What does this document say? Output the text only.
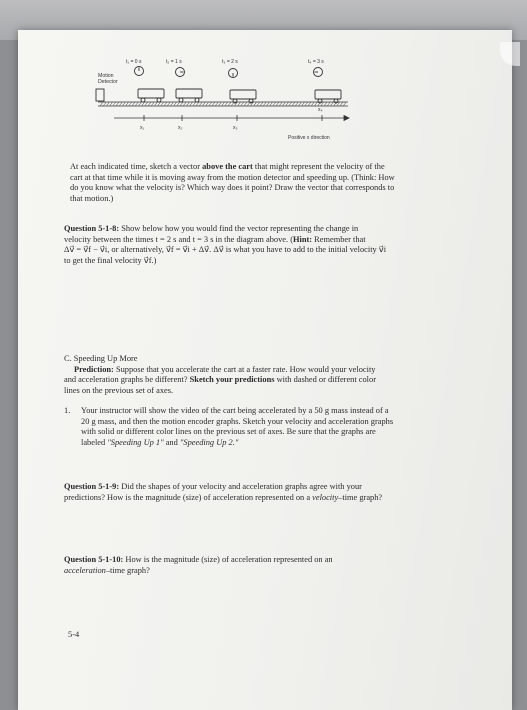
Motion
Detector
t₁ = 0 s	t₂ = 1 s	t₃ = 2 s	t₄ = 3 s
x₁	x₂	x₃
x₄
Positive x direction
At each indicated time, sketch a vector above the cart that might represent the velocity of the
cart at that time while it is moving away from the motion detector and speeding up. (Think: How
do you know what the velocity is? Which way does it point? Draw the vector that corresponds to
that motion.)
Question 5-1-8: Show below how you would find the vector representing the change in
velocity between the times t = 2 s and t = 3 s in the diagram above. (Hint: Remember that
Δv⃗ = v⃗f − v⃗i, or alternatively, v⃗f = v⃗i + Δv⃗. Δv⃗ is what you have to add to the initial velocity v⃗i
to get the final velocity v⃗f.)
C. Speeding Up More
Prediction: Suppose that you accelerate the cart at a faster rate. How would your velocity
and acceleration graphs be different? Sketch your predictions with dashed or different color
lines on the previous set of axes.
1. Your instructor will show the video of the cart being accelerated by a 50 g mass instead of a
20 g mass, and then the motion encoder graphs. Sketch your velocity and acceleration graphs
with solid or different color lines on the previous set of axes. Be sure that the graphs are
labeled "Speeding Up 1" and "Speeding Up 2."
Question 5-1-9: Did the shapes of your velocity and acceleration graphs agree with your
predictions? How is the magnitude (size) of acceleration represented on a velocity–time graph?
Question 5-1-10: How is the magnitude (size) of acceleration represented on an
acceleration–time graph?
5-4
